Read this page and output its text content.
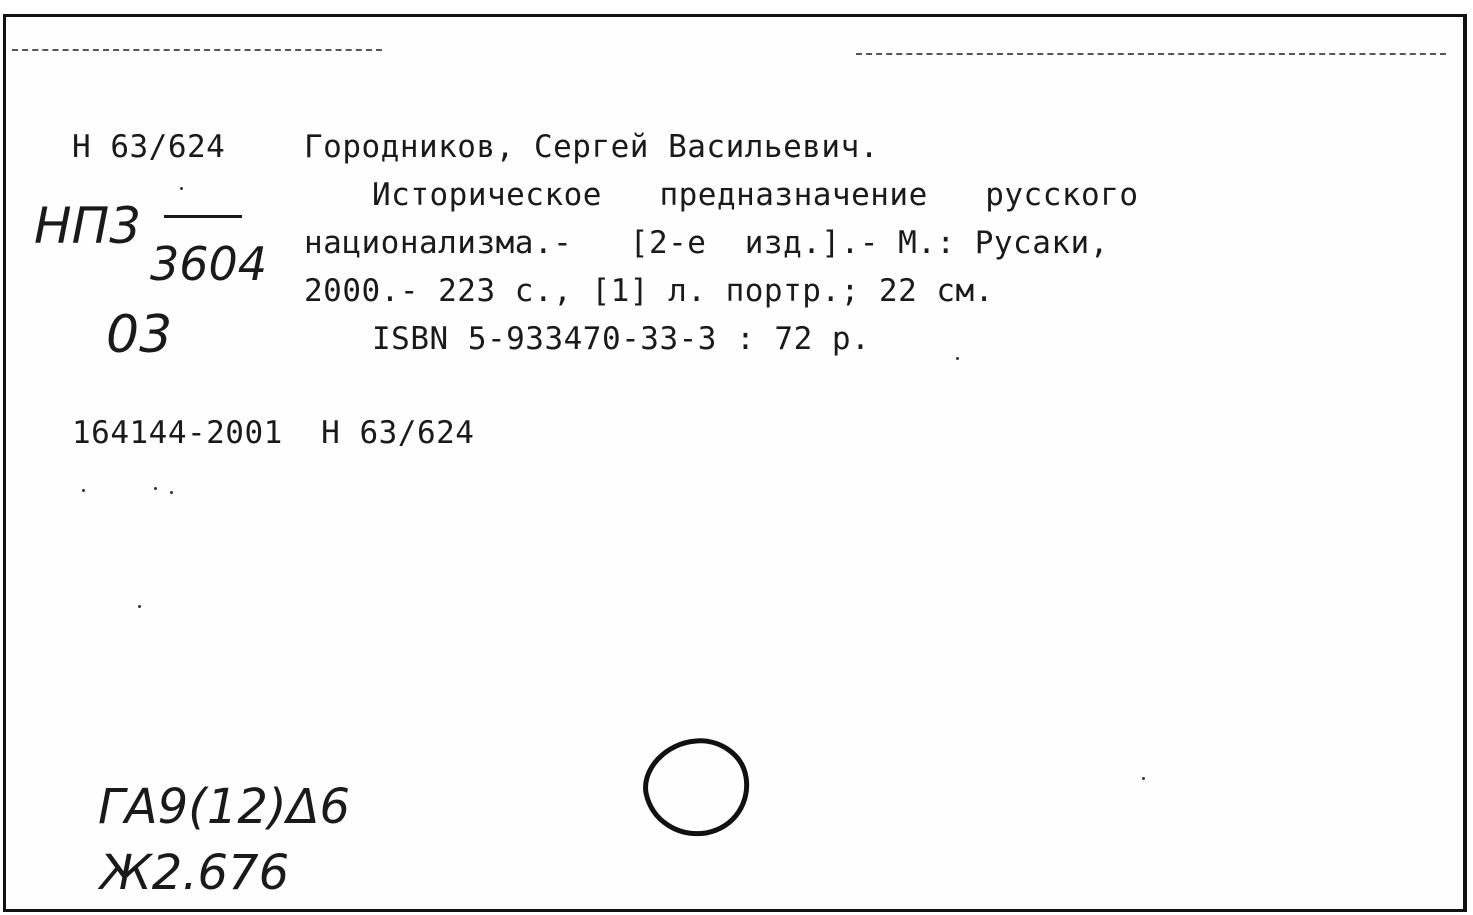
Н 63/624	Городников, Сергей Васильевич.
Историческое   предназначение   русского
национализма.-   [2-е  изд.].- М.: Русаки,
2000.- 223 с., [1] л. портр.; 22 см.
ISBN 5-933470-33-3 : 72 р.
164144-2001  Н 63/624
НП3
3604
03
ГА9(12)Δ6
Ж2.676
